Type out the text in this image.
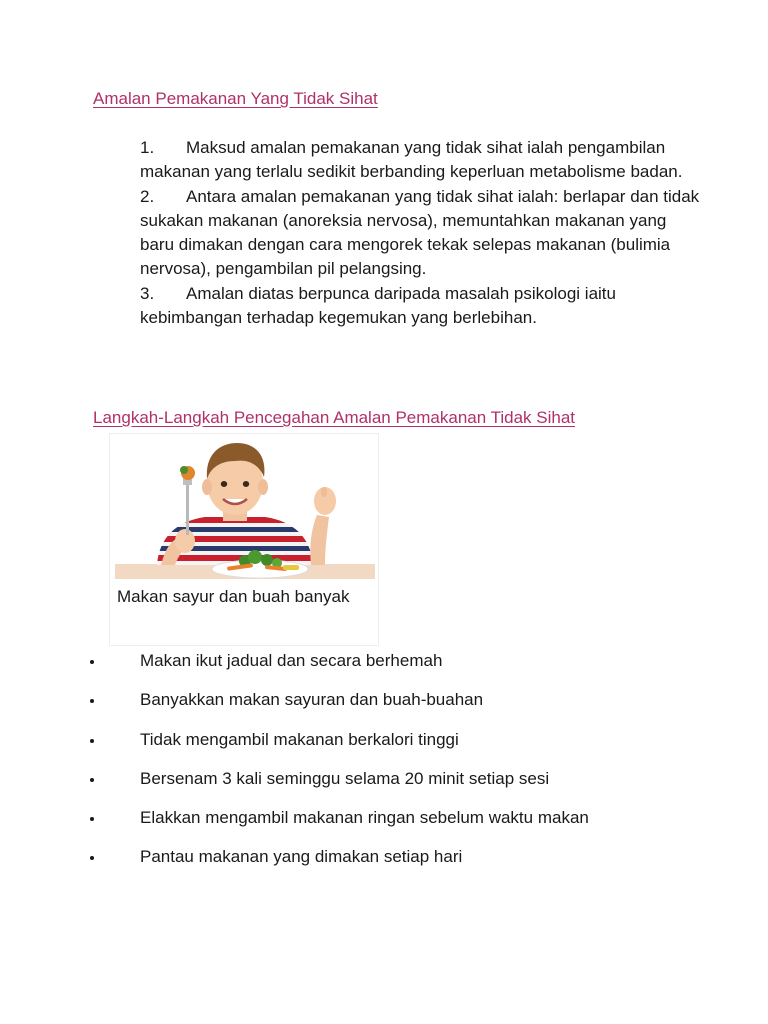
Amalan Pemakanan Yang Tidak Sihat
1. Maksud amalan pemakanan yang tidak sihat ialah pengambilan makanan yang terlalu sedikit berbanding keperluan metabolisme badan.
2. Antara amalan pemakanan yang tidak sihat ialah: berlapar dan tidak sukakan makanan (anoreksia nervosa), memuntahkan makanan yang baru dimakan dengan cara mengorek tekak selepas makanan (bulimia nervosa), pengambilan pil pelangsing.
3. Amalan diatas berpunca daripada masalah psikologi iaitu kebimbangan terhadap kegemukan yang berlebihan.
Langkah-Langkah Pencegahan Amalan Pemakanan Tidak Sihat
Makan sayur dan buah banyak
Makan ikut jadual dan secara berhemah
Banyakkan makan sayuran dan buah-buahan
Tidak mengambil makanan berkalori tinggi
Bersenam 3 kali seminggu selama 20 minit setiap sesi
Elakkan mengambil makanan ringan sebelum waktu makan
Pantau makanan yang dimakan setiap hari
